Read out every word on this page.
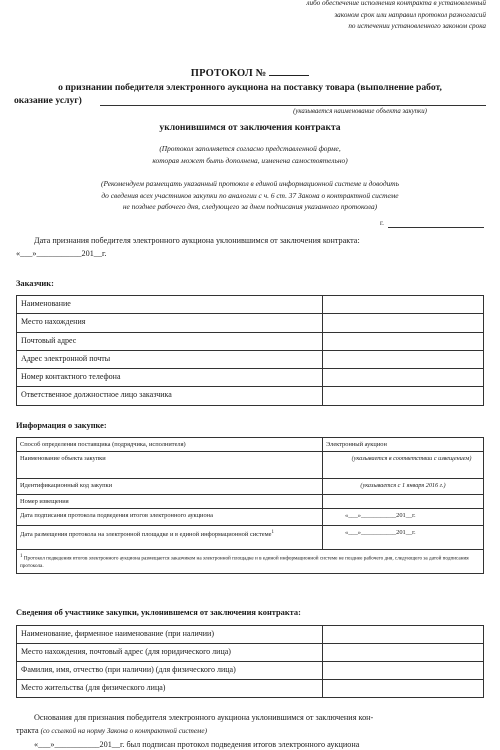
либо обеспечение исполнения контракта в установленный
законом срок или направил протокол разногласий
по истечении установленного законом срока
ПРОТОКОЛ №
о признании победителя электронного аукциона на поставку товара (выполнение работ,
оказание услуг)
(указывается наименование объекта закупки)
уклонившимся от заключения контракта
(Протокол заполняется согласно представленной форме,
которая может быть дополнена, изменена самостоятельно)
(Рекомендуем размещать указанный протокол в единой информационной системе и доводить
до сведения всех участников закупки по аналогии с ч. 6 ст. 37 Закона о контрактной системе
не позднее рабочего дня, следующего за днем подписания указанного протокола)
г.
Дата признания победителя электронного аукциона уклонившимся от заключения контракта:
«___»___________201__г.
Заказчик:
Наименование	
Место нахождения	
Почтовый адрес	
Адрес электронной почты	
Номер контактного телефона	
Ответственное должностное лицо заказчика	
Информация о закупке:
Способ определения поставщика (подрядчика, исполнителя)	Электронный аукцион
Наименование объекта закупки	(указывается в соответствии с извещением)
Идентификационный код закупки	(указывается с 1 января 2016 г.)
Номер извещения	
Дата подписания протокола подведения итогов электронного аукциона	«___»___________201__г.
Дата размещения протокола на электронной площадке и в единой информационной системе$^1$	«___»___________201__г.
1 Протокол подведения итогов электронного аукциона размещается заказчиком на электронной площадке и в единой информационной системе не позднее рабочего дня, следующего за датой подписания протокола.	
Сведения об участнике закупки, уклонившемся от заключения контракта:
Наименование, фирменное наименование (при наличии)	
Место нахождения, почтовый адрес (для юридического лица)	
Фамилия, имя, отчество (при наличии) (для физического лица)	
Место жительства (для физического лица)	
Основания для признания победителя электронного аукциона уклонившимся от заключения кон-
тракта (со ссылкой на норму Закона о контрактной системе)
«___»___________201__г. был подписан протокол подведения итогов электронного аукциона
